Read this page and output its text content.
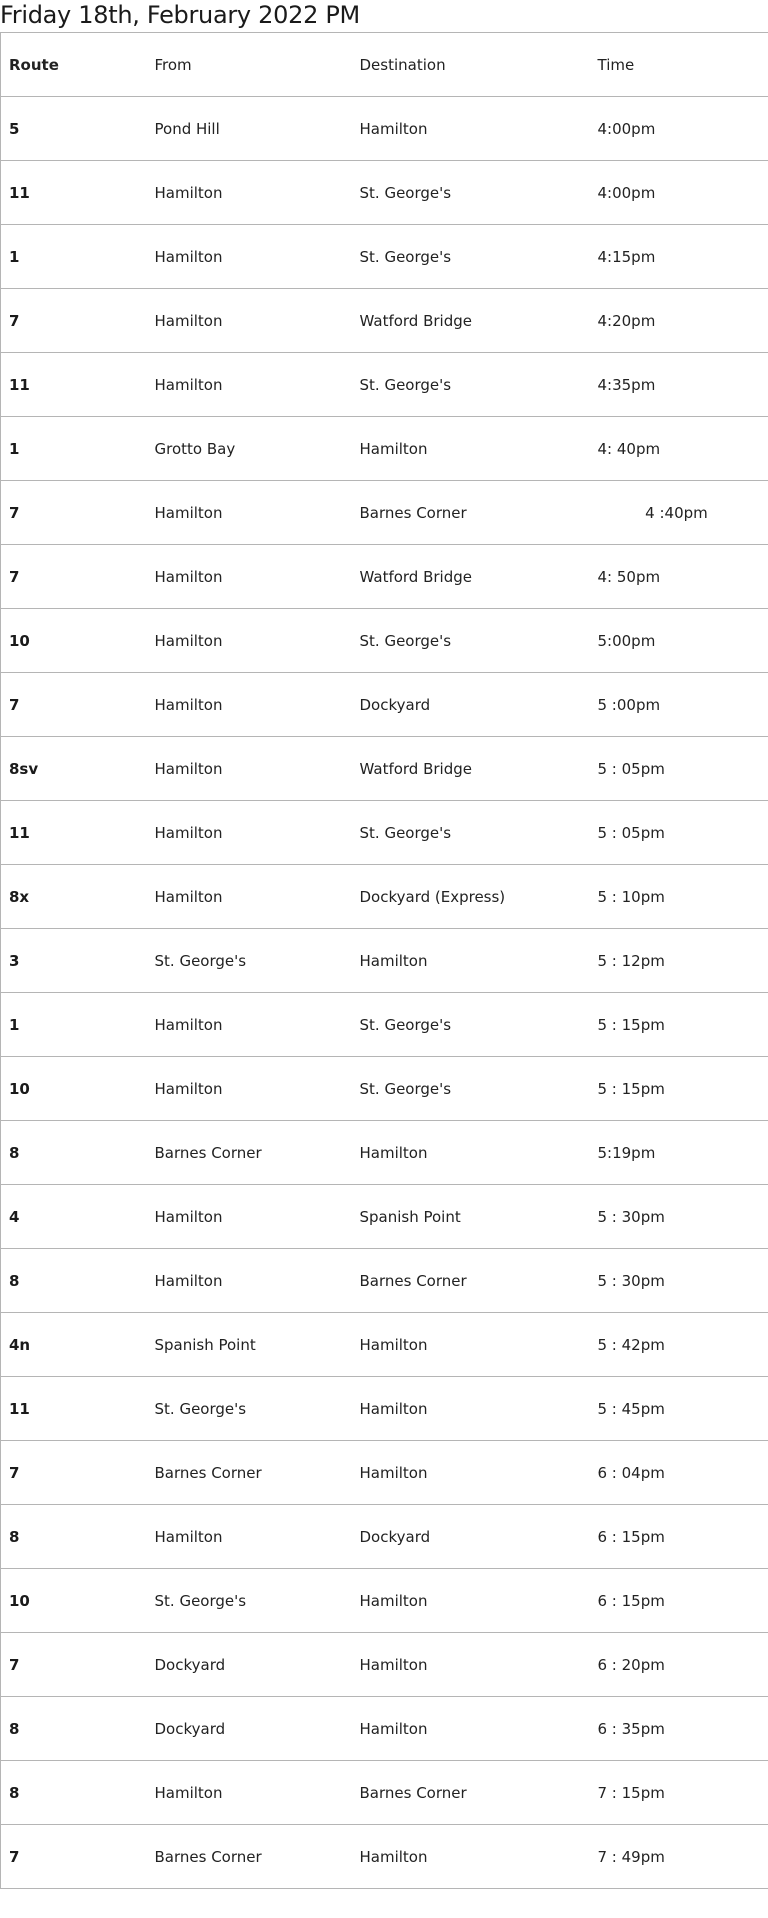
Friday 18th, February 2022 PM
Route	From	Destination	Time
5	Pond Hill	Hamilton	4:00pm
11	Hamilton	St. George's	4:00pm
1	Hamilton	St. George's	4:15pm
7	Hamilton	Watford Bridge	4:20pm
11	Hamilton	St. George's	4:35pm
1	Grotto Bay	Hamilton	4: 40pm
7	Hamilton	Barnes Corner	4 :40pm
7	Hamilton	Watford Bridge	4: 50pm
10	Hamilton	St. George's	5:00pm
7	Hamilton	Dockyard	5 :00pm
8sv	Hamilton	Watford Bridge	5 : 05pm
11	Hamilton	St. George's	5 : 05pm
8x	Hamilton	Dockyard (Express)	5 : 10pm
3	St. George's	Hamilton	5 : 12pm
1	Hamilton	St. George's	5 : 15pm
10	Hamilton	St. George's	5 : 15pm
8	Barnes Corner	Hamilton	5:19pm
4	Hamilton	Spanish Point	5 : 30pm
8	Hamilton	Barnes Corner	5 : 30pm
4n	Spanish Point	Hamilton	5 : 42pm
11	St. George's	Hamilton	5 : 45pm
7	Barnes Corner	Hamilton	6 : 04pm
8	Hamilton	Dockyard	6 : 15pm
10	St. George's	Hamilton	6 : 15pm
7	Dockyard	Hamilton	6 : 20pm
8	Dockyard	Hamilton	6 : 35pm
8	Hamilton	Barnes Corner	7 : 15pm
7	Barnes Corner	Hamilton	7 : 49pm
